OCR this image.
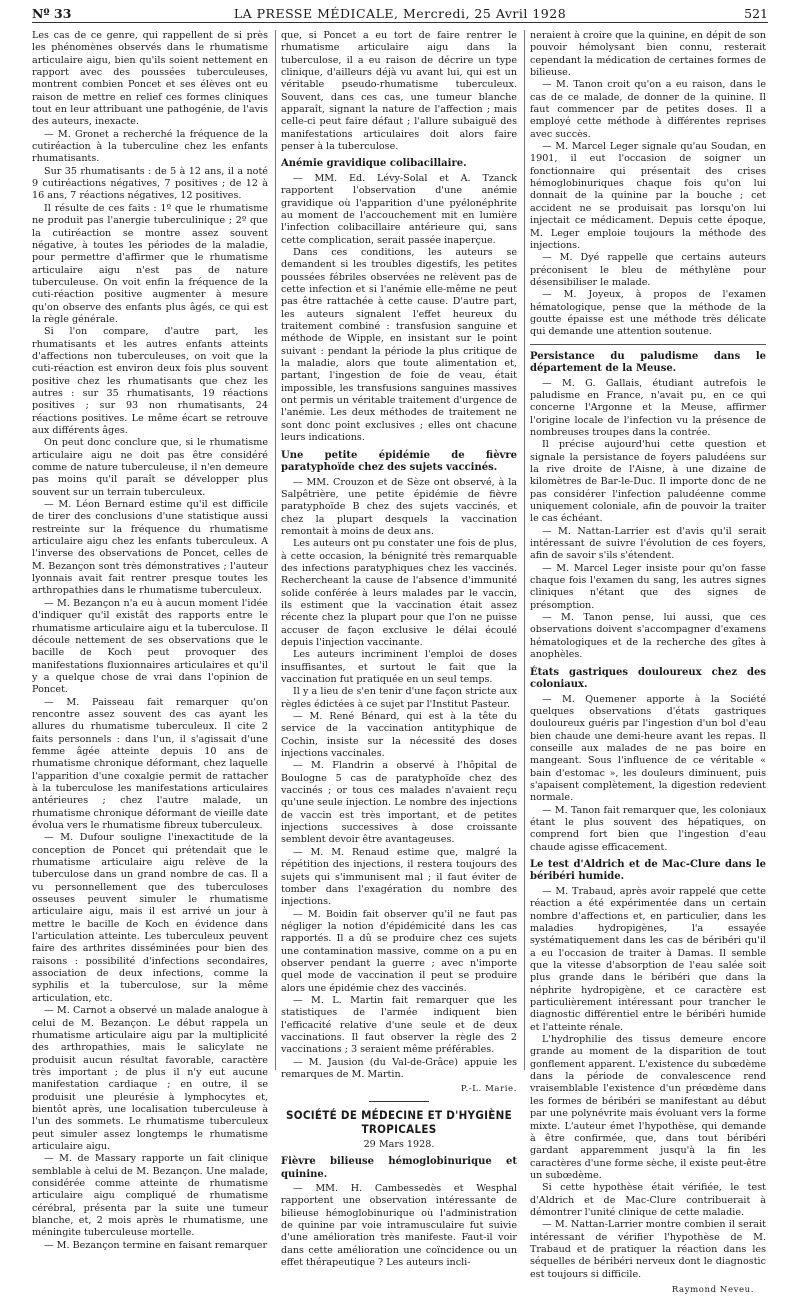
Nº 33	LA PRESSE MÉDICALE, Mercredi, 25 Avril 1928	521

Les cas de ce genre, qui rappellent de si près les phénomènes observés dans le rhumatisme articulaire aigu, bien qu'ils soient nettement en rapport avec des poussées tuberculeuses, montrent combien Poncet et ses élèves ont eu raison de mettre en relief ces formes cliniques tout en leur attribuant une pathogénie, de l'avis des auteurs, inexacte.

— M. Gronet a recherché la fréquence de la cutiréaction à la tuberculine chez les enfants rhumatisants.

Sur 35 rhumatisants : de 5 à 12 ans, il a noté 9 cutiréactions négatives, 7 positives ; de 12 à 16 ans, 7 réactions négatives, 12 positives.

Il résulte de ces faits : 1º que le rhumatisme ne produit pas l'anergie tuberculinique ; 2º que la cutiréaction se montre assez souvent négative, à toutes les périodes de la maladie, pour permettre d'affirmer que le rhumatisme articulaire aigu n'est pas de nature tuberculeuse. On voit enfin la fréquence de la cuti-réaction positive augmenter à mesure qu'on observe des enfants plus âgés, ce qui est la règle générale.

Si l'on compare, d'autre part, les rhumatisants et les autres enfants atteints d'affections non tuberculeuses, on voit que la cuti-réaction est environ deux fois plus souvent positive chez les rhumatisants que chez les autres : sur 35 rhumatisants, 19 réactions positives ; sur 93 non rhumatisants, 24 réactions positives. Le même écart se retrouve aux différents âges.

On peut donc conclure que, si le rhumatisme articulaire aigu ne doit pas être considéré comme de nature tuberculeuse, il n'en demeure pas moins qu'il paraît se développer plus souvent sur un terrain tuberculeux.

— M. Léon Bernard estime qu'il est difficile de tirer des conclusions d'une statistique aussi restreinte sur la fréquence du rhumatisme articulaire aigu chez les enfants tuberculeux. A l'inverse des observations de Poncet, celles de M. Bezançon sont très démonstratives ; l'auteur lyonnais avait fait rentrer presque toutes les arthropathies dans le rhumatisme tuberculeux.

— M. Bezançon n'a eu à aucun moment l'idée d'indiquer qu'il existât des rapports entre le rhumatisme articulaire aigu et la tuberculose. Il découle nettement de ses observations que le bacille de Koch peut provoquer des manifestations fluxionnaires articulaires et qu'il y a quelque chose de vrai dans l'opinion de Poncet.

— M. Paisseau fait remarquer qu'on rencontre assez souvent des cas ayant les allures du rhumatisme tuberculeux. Il cite 2 faits personnels : dans l'un, il s'agissait d'une femme âgée atteinte depuis 10 ans de rhumatisme chronique déformant, chez laquelle l'apparition d'une coxalgie permit de rattacher à la tuberculose les manifestations articulaires antérieures ; chez l'autre malade, un rhumatisme chronique déformant de vieille date évolua vers le rhumatisme fibreux tuberculeux.

— M. Dufour souligne l'inexactitude de la conception de Poncet qui prétendait que le rhumatisme articulaire aigu relève de la tuberculose dans un grand nombre de cas. Il a vu personnellement que des tuberculoses osseuses peuvent simuler le rhumatisme articulaire aigu, mais il est arrivé un jour à mettre le bacille de Koch en évidence dans l'articulation atteinte. Les tuberculeux peuvent faire des arthrites disséminées pour bien des raisons : possibilité d'infections secondaires, association de deux infections, comme la syphilis et la tuberculose, sur la même articulation, etc.

— M. Carnot a observé un malade analogue à celui de M. Bezançon. Le début rappela un rhumatisme articulaire aigu par la multiplicité des arthropathies, mais le salicylate ne produisit aucun résultat favorable, caractère très important ; de plus il n'y eut aucune manifestation cardiaque ; en outre, il se produisit une pleurésie à lymphocytes et, bientôt après, une localisation tuberculeuse à l'un des sommets. Le rhumatisme tuberculeux peut simuler assez longtemps le rhumatisme articulaire aigu.

— M. de Massary rapporte un fait clinique semblable à celui de M. Bezançon. Une malade, considérée comme atteinte de rhumatisme articulaire aigu compliqué de rhumatisme cérébral, présenta par la suite une tumeur blanche, et, 2 mois après le rhumatisme, une méningite tuberculeuse mortelle.

— M. Bezançon termine en faisant remarquer

que, si Poncet a eu tort de faire rentrer le rhumatisme articulaire aigu dans la tuberculose, il a eu raison de décrire un type clinique, d'ailleurs déjà vu avant lui, qui est un véritable pseudo-rhumatisme tuberculeux. Souvent, dans ces cas, une tumeur blanche apparaît, signant la nature de l'affection ; mais celle-ci peut faire défaut ; l'allure subaiguë des manifestations articulaires doit alors faire penser à la tuberculose.

Anémie gravidique colibacillaire.

— MM. Ed. Lévy-Solal et A. Tzanck rapportent l'observation d'une anémie gravidique où l'apparition d'une pyélonéphrite au moment de l'accouchement mit en lumière l'infection colibacillaire antérieure qui, sans cette complication, serait passée inaperçue.

Dans ces conditions, les auteurs se demandent si les troubles digestifs, les petites poussées fébriles observées ne relèvent pas de cette infection et si l'anémie elle-même ne peut pas être rattachée à cette cause. D'autre part, les auteurs signalent l'effet heureux du traitement combiné : transfusion sanguine et méthode de Wipple, en insistant sur le point suivant : pendant la période la plus critique de la maladie, alors que toute alimentation et, partant, l'ingestion de foie de veau, était impossible, les transfusions sanguines massives ont permis un véritable traitement d'urgence de l'anémie. Les deux méthodes de traitement ne sont donc point exclusives ; elles ont chacune leurs indications.

Une petite épidémie de fièvre paratyphoïde chez des sujets vaccinés.

— MM. Crouzon et de Sèze ont observé, à la Salpêtrière, une petite épidémie de fièvre paratyphoïde B chez des sujets vaccinés, et chez la plupart desquels la vaccination remontait à moins de deux ans.

Les auteurs ont pu constater une fois de plus, à cette occasion, la bénignité très remarquable des infections paratyphiques chez les vaccinés. Rechercheant la cause de l'absence d'immunité solide conférée à leurs malades par le vaccin, ils estiment que la vaccination était assez récente chez la plupart pour que l'on ne puisse accuser de façon exclusive le délai écoulé depuis l'injection vaccinante.

Les auteurs incriminent l'emploi de doses insuffisantes, et surtout le fait que la vaccination fut pratiquée en un seul temps.

Il y a lieu de s'en tenir d'une façon stricte aux règles édictées à ce sujet par l'Institut Pasteur.

— M. René Bénard, qui est à la tête du service de la vaccination antityphique de Cochin, insiste sur la nécessité des doses injections vaccinales.

— M. Flandrin a observé à l'hôpital de Boulogne 5 cas de paratyphoïde chez des vaccinés ; or tous ces malades n'avaient reçu qu'une seule injection. Le nombre des injections de vaccin est très important, et de petites injections successives à dose croissante semblent devoir être avantageuses.

— M. M. Renaud estime que, malgré la répétition des injections, il restera toujours des sujets qui s'immunisent mal ; il faut éviter de tomber dans l'exagération du nombre des injections.

— M. Boidin fait observer qu'il ne faut pas négliger la notion d'épidémicité dans les cas rapportés. Il a dû se produire chez ces sujets une contamination massive, comme on a pu en observer pendant la guerre ; avec n'importe quel mode de vaccination il peut se produire alors une épidémie chez des vaccinés.

— M. L. Martin fait remarquer que les statistiques de l'armée indiquent bien l'efficacité relative d'une seule et de deux vaccinations. Il faut observer la règle des 2 vaccinations ; 3 seraient même préférables.

— M. Jausion (du Val-de-Grâce) appuie les remarques de M. Martin.

P.-L. Marie.
SOCIÉTÉ DE MÉDECINE ET D'HYGIÈNE TROPICALES
29 Mars 1928.
Fièvre bilieuse hémoglobinurique et quinine.

— MM. H. Cambessedès et Wesphal rapportent une observation intéressante de bilieuse hémoglobinurique où l'administration de quinine par voie intramusculaire fut suivie d'une amélioration très manifeste. Faut-il voir dans cette amélioration une coïncidence ou un effet thérapeutique ? Les auteurs incli-

neraient à croire que la quinine, en dépit de son pouvoir hémolysant bien connu, resterait cependant la médication de certaines formes de bilieuse.

— M. Tanon croit qu'on a eu raison, dans le cas de ce malade, de donner de la quinine. Il faut commencer par de petites doses. Il a employé cette méthode à différentes reprises avec succès.

— M. Marcel Leger signale qu'au Soudan, en 1901, il eut l'occasion de soigner un fonctionnaire qui présentait des crises hémoglobinuriques chaque fois qu'on lui donnait de la quinine par la bouche ; cet accident ne se produisait pas lorsqu'on lui injectait ce médicament. Depuis cette époque, M. Leger emploie toujours la méthode des injections.

— M. Dyé rappelle que certains auteurs préconisent le bleu de méthylène pour désensibiliser le malade.

— M. Joyeux, à propos de l'examen hématologique, pense que la méthode de la goutte épaisse est une méthode très délicate qui demande une attention soutenue.

Persistance du paludisme dans le département de la Meuse.

— M. G. Gallais, étudiant autrefois le paludisme en France, n'avait pu, en ce qui concerne l'Argonne et la Meuse, affirmer l'origine locale de l'infection vu la présence de nombreuses troupes dans la contrée.

Il précise aujourd'hui cette question et signale la persistance de foyers paludéens sur la rive droite de l'Aisne, à une dizaine de kilomètres de Bar-le-Duc. Il importe donc de ne pas considérer l'infection paludéenne comme uniquement coloniale, afin de pouvoir la traiter le cas échéant.

— M. Nattan-Larrier est d'avis qu'il serait intéressant de suivre l'évolution de ces foyers, afin de savoir s'ils s'étendent.

— M. Marcel Leger insiste pour qu'on fasse chaque fois l'examen du sang, les autres signes cliniques n'étant que des signes de présomption.

— M. Tanon pense, lui aussi, que ces observations doivent s'accompagner d'examens hématologiques et de la recherche des gîtes à anophèles.

États gastriques douloureux chez des coloniaux.

— M. Quemener apporte à la Société quelques observations d'états gastriques douloureux guéris par l'ingestion d'un bol d'eau bien chaude une demi-heure avant les repas. Il conseille aux malades de ne pas boire en mangeant. Sous l'influence de ce véritable « bain d'estomac », les douleurs diminuent, puis s'apaisent complètement, la digestion redevient normale.

— M. Tanon fait remarquer que, les coloniaux étant le plus souvent des hépatiques, on comprend fort bien que l'ingestion d'eau chaude agisse efficacement.

Le test d'Aldrich et de Mac-Clure dans le béribéri humide.

— M. Trabaud, après avoir rappelé que cette réaction a été expérimentée dans un certain nombre d'affections et, en particulier, dans les maladies hydropigènes, l'a essayée systématiquement dans les cas de béribéri qu'il a eu l'occasion de traiter à Damas. Il semble que la vitesse d'absorption de l'eau salée soit plus grande dans le béribéri que dans la néphrite hydropigène, et ce caractère est particulièrement intéressant pour trancher le diagnostic différentiel entre le béribéri humide et l'atteinte rénale.

L'hydrophilie des tissus demeure encore grande au moment de la disparition de tout gonflement apparent. L'existence du subœdème dans la période de convalescence rend vraisemblable l'existence d'un préœdème dans les formes de béribéri se manifestant au début par une polynévrite mais évoluant vers la forme mixte. L'auteur émet l'hypothèse, qui demande à être confirmée, que, dans tout béribéri gardant apparemment jusqu'à la fin les caractères d'une forme sèche, il existe peut-être un subœdème.

Si cette hypothèse était vérifiée, le test d'Aldrich et de Mac-Clure contribuerait à démontrer l'unité clinique de cette maladie.

— M. Nattan-Larrier montre combien il serait intéressant de vérifier l'hypothèse de M. Trabaud et de pratiquer la réaction dans les séquelles de béribéri nerveux dont le diagnostic est toujours si difficile.

Raymond Neveu.
